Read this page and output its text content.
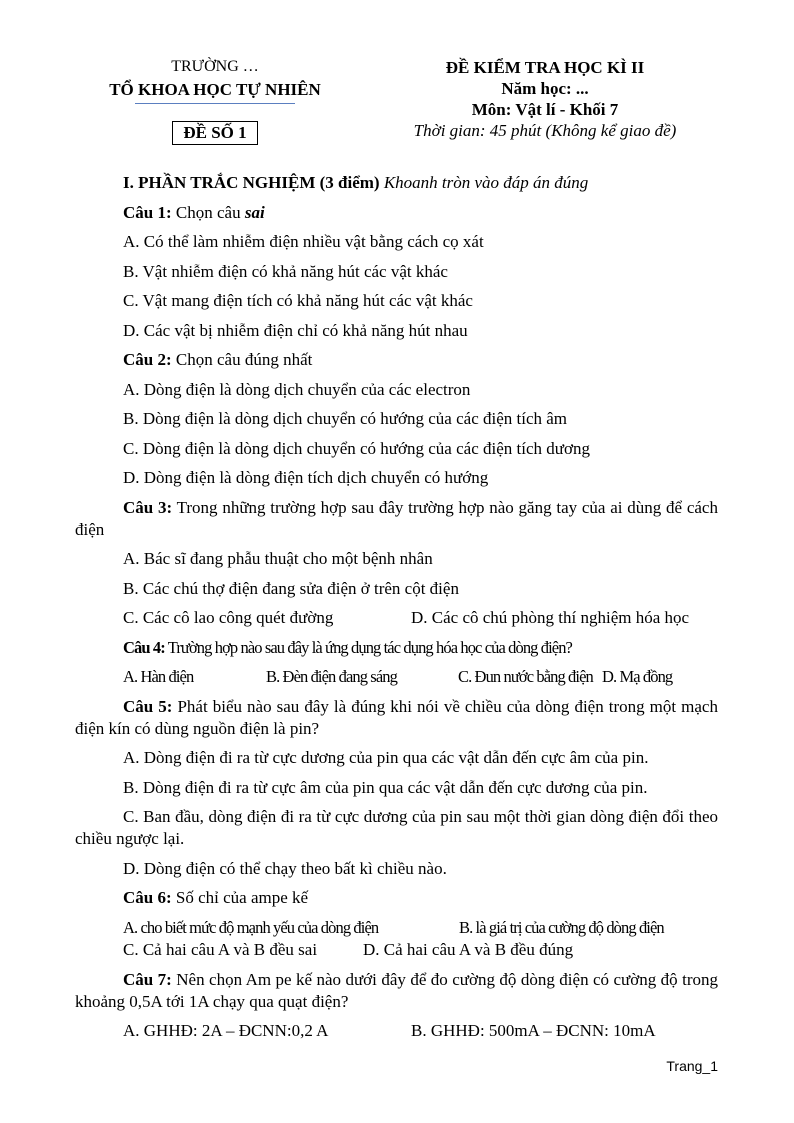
TRƯỜNG …
TỔ KHOA HỌC TỰ NHIÊN
ĐỀ SỐ 1
ĐỀ KIỂM TRA HỌC KÌ II
Năm học: ...
Môn: Vật lí - Khối 7
Thời gian: 45 phút (Không kể giao đề)
I. PHẦN TRẮC NGHIỆM (3 điểm) Khoanh tròn vào đáp án đúng
Câu 1: Chọn câu sai
A. Có thể làm nhiễm điện nhiều vật bằng cách cọ xát
B. Vật nhiễm điện có khả năng hút các vật khác
C. Vật mang điện tích có khả năng hút các vật khác
D. Các vật bị nhiễm điện chỉ có khả năng hút nhau
Câu 2: Chọn câu đúng nhất
A. Dòng điện là dòng dịch chuyển của các electron
B. Dòng điện là dòng dịch chuyển có hướng của các điện tích âm
C. Dòng điện là dòng dịch chuyển có hướng của các điện tích dương
D. Dòng điện là dòng điện tích dịch chuyển có hướng
Câu 3: Trong những trường hợp sau đây trường hợp nào găng tay của ai dùng để cách điện
A. Bác sĩ đang phẫu thuật cho một bệnh nhân
B. Các chú thợ điện đang sửa điện ở trên cột điện
C. Các cô lao công quét đường	D. Các cô chú phòng thí nghiệm hóa học
Câu 4: Trường hợp nào sau đây là ứng dụng tác dụng hóa học của dòng điện?
A. Hàn điện	B. Đèn điện đang sáng	C. Đun nước bằng điện D. Mạ đồng
Câu 5: Phát biểu nào sau đây là đúng khi nói về chiều của dòng điện trong một mạch điện kín có dùng nguồn điện là pin?
A. Dòng điện đi ra từ cực dương của pin qua các vật dẫn đến cực âm của pin.
B. Dòng điện đi ra từ cực âm của pin qua các vật dẫn đến cực dương của pin.
C. Ban đầu, dòng điện đi ra từ cực dương của pin sau một thời gian dòng điện đổi theo chiều ngược lại.
D. Dòng điện có thể chạy theo bất kì chiều nào.
Câu 6: Số chỉ của ampe kế
A. cho biết mức độ mạnh yếu của dòng điện	B. là giá trị của cường độ dòng điện
C. Cả hai câu A và B đều sai	D. Cả hai câu A và B đều đúng
Câu 7: Nên chọn Am pe kế nào dưới đây để đo cường độ dòng điện có cường độ trong khoảng 0,5A tới 1A chạy qua quạt điện?
A. GHHĐ: 2A – ĐCNN:0,2 A	B. GHHĐ: 500mA – ĐCNN: 10mA
Trang_1
